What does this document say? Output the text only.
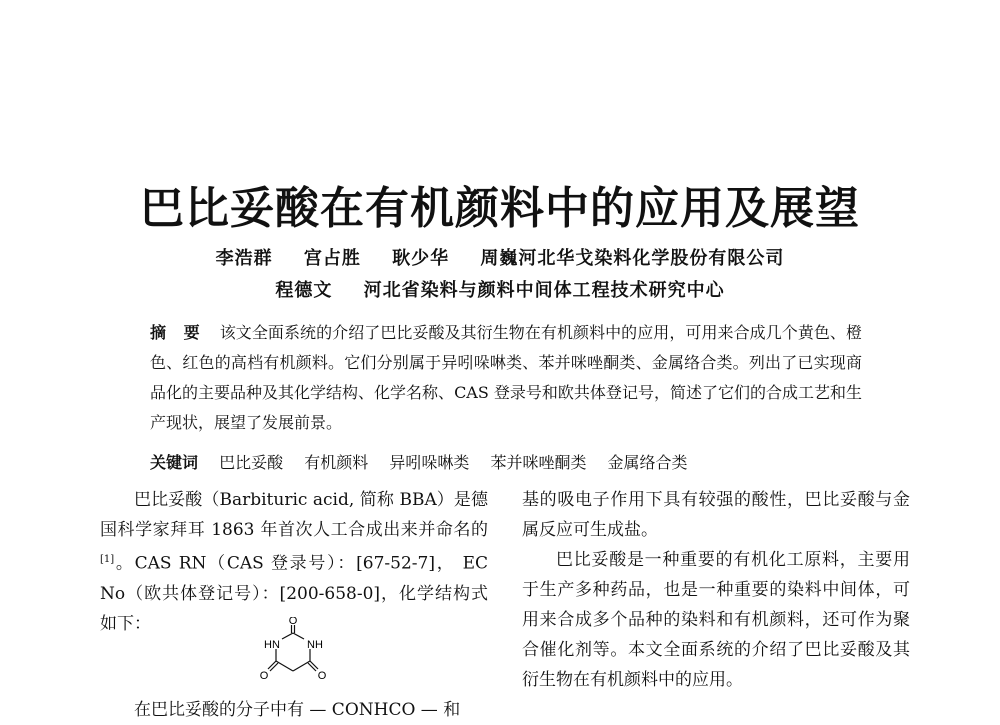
巴比妥酸在有机颜料中的应用及展望
李浩群 宫占胜 耿少华 周巍河北华戈染料化学股份有限公司
程德文 河北省染料与颜料中间体工程技术研究中心
摘 要 该文全面系统的介绍了巴比妥酸及其衍生物在有机颜料中的应用，可用来合成几个黄色、橙色、红色的高档有机颜料。它们分别属于异吲哚啉类、苯并咪唑酮类、金属络合类。列出了已实现商品化的主要品种及其化学结构、化学名称、CAS 登录号和欧共体登记号，简述了它们的合成工艺和生产现状，展望了发展前景。
关键词 巴比妥酸 有机颜料 异吲哚啉类 苯并咪唑酮类 金属络合类

巴比妥酸（Barbituric acid, 简称 BBA）是德国科学家拜耳 1863 年首次人工合成出来并命名的[1]。CAS RN（CAS 登录号）：[67-52-7]， EC No（欧共体登记号）：[200-658-0]，化学结构式如下：	O
HN NH
O	O
在巴比妥酸的分子中有 — CONHCO — 和

基的吸电子作用下具有较强的酸性，巴比妥酸与金属反应可生成盐。

巴比妥酸是一种重要的有机化工原料，主要用于生产多种药品，也是一种重要的染料中间体，可用来合成多个品种的染料和有机颜料，还可作为聚合催化剂等。本文全面系统的介绍了巴比妥酸及其衍生物在有机颜料中的应用。
